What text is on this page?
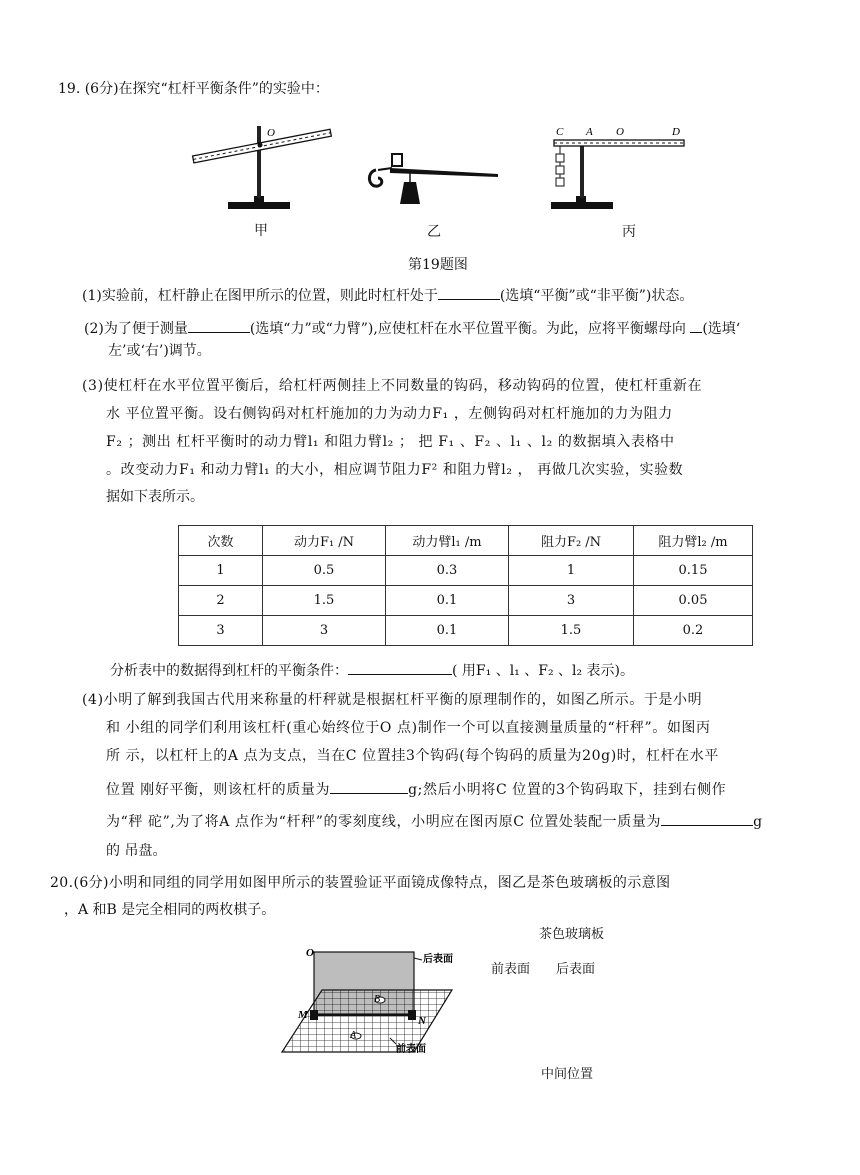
19. (6分)在探究“杠杆平衡条件”的实验中：
O	C A O	D
甲	乙	丙
第19题图
(1)实验前，杠杆静止在图甲所示的位置，则此时杠杆处于	(选填“平衡”或“非平衡”)状态。
(2)为了便于测量	(选填“力”或“力臂”),应使杠杆在水平位置平衡。为此，应将平衡螺母向 (选填‘
左’或‘右’)调节。
(3)使杠杆在水平位置平衡后，给杠杆两侧挂上不同数量的钩码，移动钩码的位置，使杠杆重新在
水 平位置平衡。设右侧钩码对杠杆施加的力为动力F₁ ，左侧钩码对杠杆施加的力为阻力
F₂ ；测出 杠杆平衡时的动力臂l₁ 和阻力臂l₂ ； 把 F₁ 、F₂ 、l₁ 、l₂ 的数据填入表格中
。改变动力F₁ 和动力臂l₁ 的大小，相应调节阻力F² 和阻力臂l₂ ， 再做几次实验，实验数
据如下表所示。
次数	动力F₁ /N	动力臂l₁ /m	阻力F₂ /N	阻力臂l₂ /m
1	0.5	0.3	1	0.15
2	1.5	0.1	3	0.05
3	3	0.1	1.5	0.2
分析表中的数据得到杠杆的平衡条件：	( 用F₁ 、l₁ 、F₂ 、l₂ 表示)。
(4)小明了解到我国古代用来称量的杆秤就是根据杠杆平衡的原理制作的，如图乙所示。于是小明
和 小组的同学们利用该杠杆(重心始终位于O 点)制作一个可以直接测量质量的“杆秤”。如图丙
所 示，以杠杆上的A 点为支点，当在C 位置挂3个钩码(每个钩码的质量为20g)时，杠杆在水平
位置 刚好平衡，则该杠杆的质量为	g;然后小明将C 位置的3个钩码取下，挂到右侧作
为“秤 砣”,为了将A 点作为“杆秤”的零刻度线，小明应在图丙原C 位置处装配一质量为	g
的 吊盘。
20.(6分)小明和同组的同学用如图甲所示的装置验证平面镜成像特点，图乙是茶色玻璃板的示意图
，A 和B 是完全相同的两枚棋子。
O
M	N
B
A
后表面
前表面
茶色玻璃板
前表面 后表面
中间位置
